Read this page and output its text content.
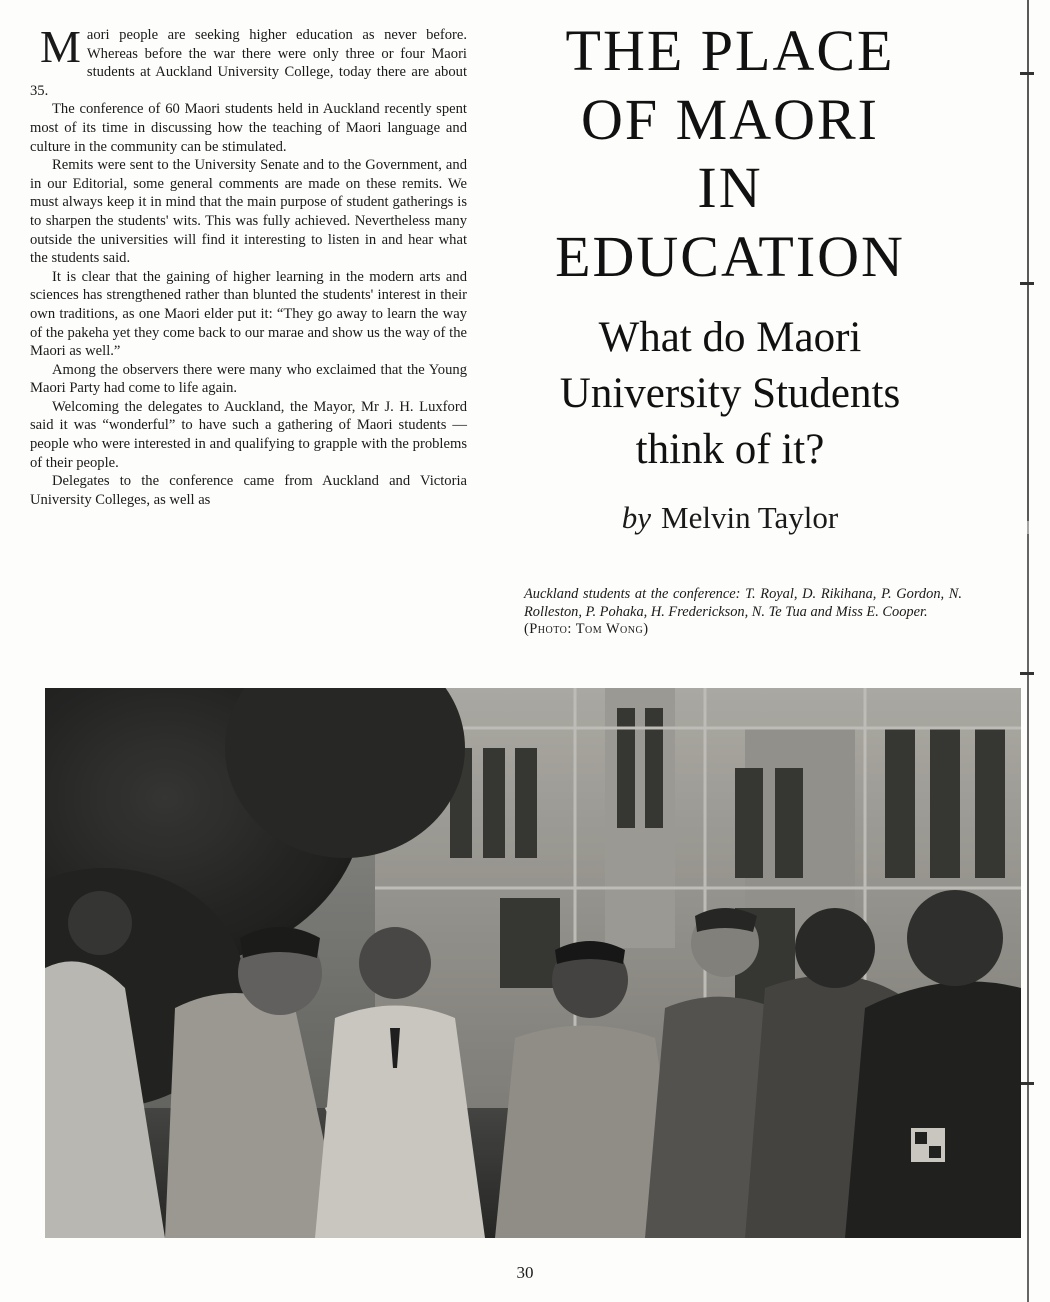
Maori people are seeking higher education as never before. Whereas before the war there were only three or four Maori students at Auckland University College, today there are about 35.

The conference of 60 Maori students held in Auckland recently spent most of its time in discussing how the teaching of Maori language and culture in the community can be stimulated.

Remits were sent to the University Senate and to the Government, and in our Editorial, some general comments are made on these remits. We must always keep it in mind that the main purpose of student gatherings is to sharpen the students' wits. This was fully achieved. Nevertheless many outside the universities will find it interesting to listen in and hear what the students said.

It is clear that the gaining of higher learning in the modern arts and sciences has strengthened rather than blunted the students' interest in their own traditions, as one Maori elder put it: “They go away to learn the way of the pakeha yet they come back to our marae and show us the way of the Maori as well.”

Among the observers there were many who exclaimed that the Young Maori Party had come to life again.

Welcoming the delegates to Auckland, the Mayor, Mr J. H. Luxford said it was “wonderful” to have such a gathering of Maori students —people who were interested in and qualifying to grapple with the problems of their people.

Delegates to the conference came from Auckland and Victoria University Colleges, as well as

THE PLACE
OF MAORI
IN
EDUCATION
What do Maori
University Students
think of it?
by Melvin Taylor
Auckland students at the conference: T. Royal, D. Rikihana, P. Gordon, N. Rolleston, P. Pohaka, H. Frederickson, N. Te Tua and Miss E. Cooper.
(Photo: Tom Wong)
30
